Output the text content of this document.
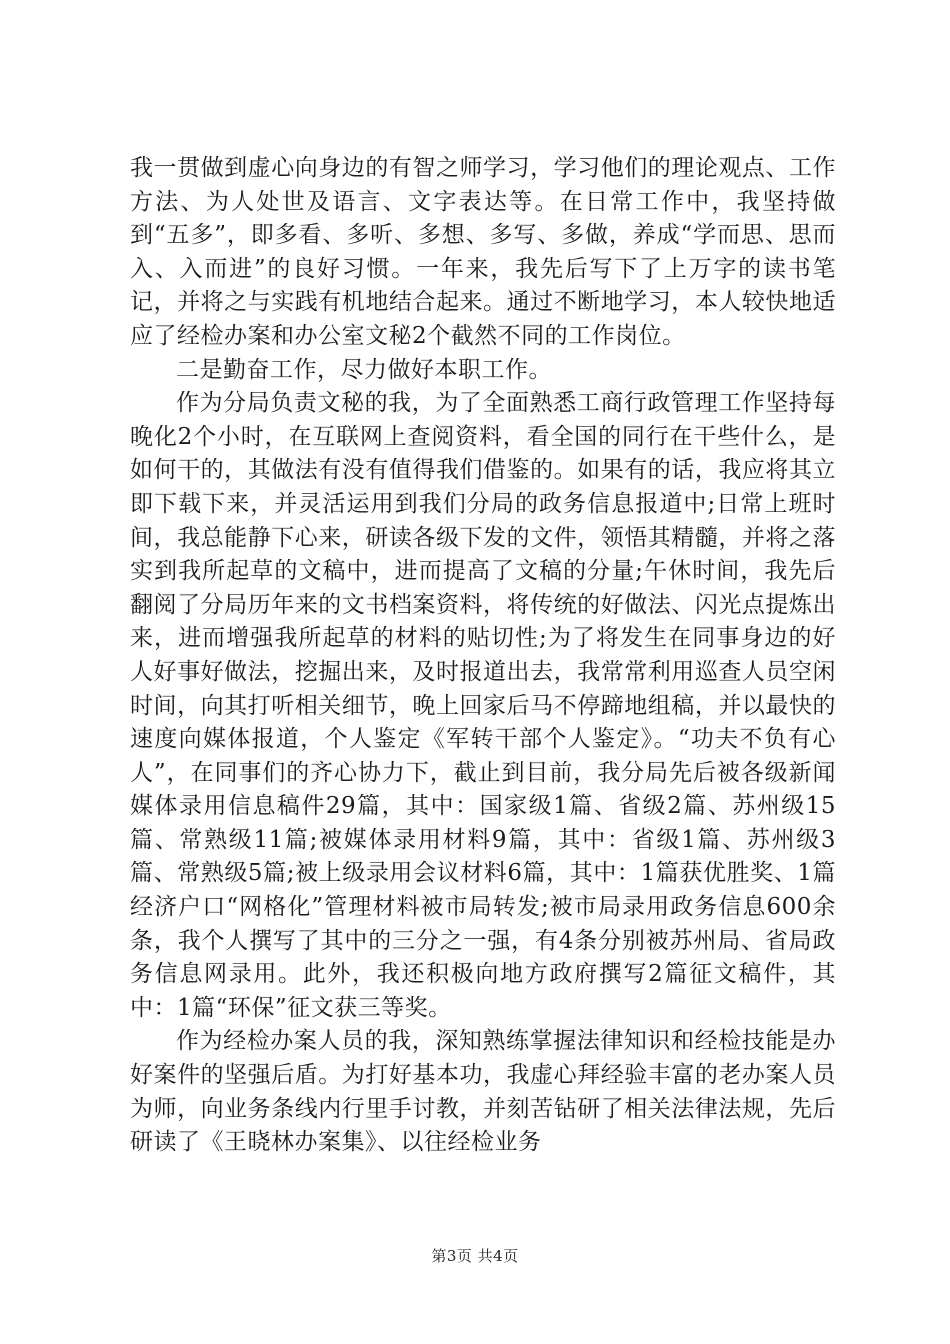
我一贯做到虚心向身边的有智之师学习，学习他们的理论观点、工作方法、为人处世及语言、文字表达等。在日常工作中，我坚持做到“五多”，即多看、多听、多想、多写、多做，养成“学而思、思而入、入而进”的良好习惯。一年来，我先后写下了上万字的读书笔记，并将之与实践有机地结合起来。通过不断地学习，本人较快地适应了经检办案和办公室文秘2个截然不同的工作岗位。

二是勤奋工作，尽力做好本职工作。

作为分局负责文秘的我，为了全面熟悉工商行政管理工作坚持每晚化2个小时，在互联网上查阅资料，看全国的同行在干些什么，是如何干的，其做法有没有值得我们借鉴的。如果有的话，我应将其立即下载下来，并灵活运用到我们分局的政务信息报道中;日常上班时间，我总能静下心来，研读各级下发的文件，领悟其精髓，并将之落实到我所起草的文稿中，进而提高了文稿的分量;午休时间，我先后翻阅了分局历年来的文书档案资料，将传统的好做法、闪光点提炼出来，进而增强我所起草的材料的贴切性;为了将发生在同事身边的好人好事好做法，挖掘出来，及时报道出去，我常常利用巡查人员空闲时间，向其打听相关细节，晚上回家后马不停蹄地组稿，并以最快的速度向媒体报道，个人鉴定《军转干部个人鉴定》。“功夫不负有心人”，在同事们的齐心协力下，截止到目前，我分局先后被各级新闻媒体录用信息稿件29篇，其中：国家级1篇、省级2篇、苏州级15篇、常熟级11篇;被媒体录用材料9篇，其中：省级1篇、苏州级3篇、常熟级5篇;被上级录用会议材料6篇，其中：1篇获优胜奖、1篇经济户口“网格化”管理材料被市局转发;被市局录用政务信息600余条，我个人撰写了其中的三分之一强，有4条分别被苏州局、省局政务信息网录用。此外，我还积极向地方政府撰写2篇征文稿件，其中：1篇“环保”征文获三等奖。

作为经检办案人员的我，深知熟练掌握法律知识和经检技能是办好案件的坚强后盾。为打好基本功，我虚心拜经验丰富的老办案人员为师，向业务条线内行里手讨教，并刻苦钻研了相关法律法规，先后研读了《王晓林办案集》、以往经检业务

第3页 共4页
